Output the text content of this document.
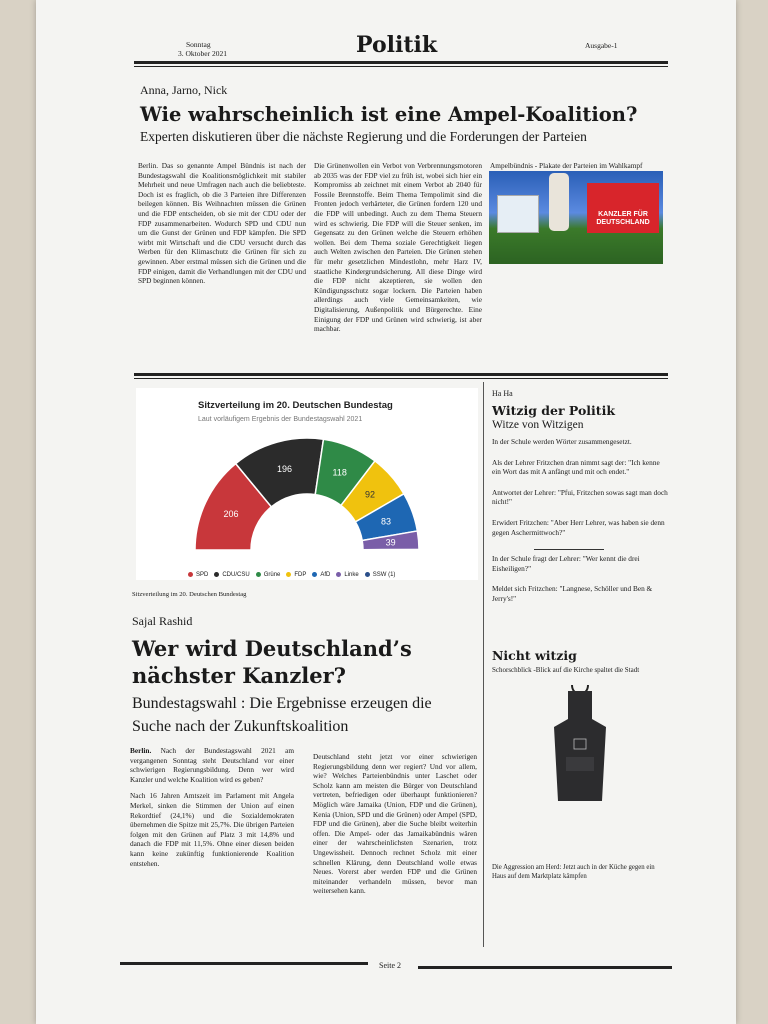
Sonntag
3. Oktober 2021	Politik	Ausgabe-1
Anna, Jarno, Nick
Wie wahrscheinlich ist eine Ampel-Koalition?
Experten diskutieren über die nächste Regierung und die Forderungen der Parteien
Berlin. Das so genannte Ampel Bündnis ist nach der Bundestagswahl die Koalitionsmöglichkeit mit stabiler Mehrheit und neue Umfragen nach auch die beliebteste. Doch ist es fraglich, ob die 3 Parteien ihre Differenzen beilegen können. Bis Weihnachten müssen die Grünen und die FDP entscheiden, ob sie mit der CDU oder der FDP zusammenarbeiten. Wodurch SPD und CDU nun um die Gunst der Grünen und FDP kämpfen. Die SPD wirbt mit Wirtschaft und die CDU versucht durch das Werben für den Klimaschutz die Grünen für sich zu gewinnen. Aber erstmal müssen sich die Grünen und die FDP einigen, damit die Verhandlungen mit der CDU und SPD beginnen können.
Die Grünenwollen ein Verbot von Verbrennungsmotoren ab 2035 was der FDP viel zu früh ist, wobei sich hier ein Kompromiss ab zeichnet mit einem Verbot ab 2040 für Fossile Brennstoffe. Beim Thema Tempolimit sind die Fronten jedoch verhärteter, die Grünen fordern 120 und die FDP will unbedingt. Auch zu dem Thema Steuern wird es schwierig. Die FDP will die Steuer senken, im Gegensatz zu den Grünen welche die Steuern erhöhen wollen. Bei dem Thema soziale Gerechtigkeit liegen auch Welten zwischen den Parteien. Die Grünen stehen für mehr gesetzlichen Mindestlohn, mehr Harz IV, staatliche Kindergrundsicherung. All diese Dinge wird die FDP nicht akzeptieren, sie wollen den Kündigungsschutz sogar lockern. Die Parteien haben allerdings auch viele Gemeinsamkeiten, wie Digitalisierung, Außenpolitik und Bürgerechte. Eine Einigung der FDP und Grünen wird schwierig, ist aber machbar.
Ampelbündnis - Plakate der Parteien im Wahlkampf
KANZLER FÜR DEUTSCHLAND
Sitzverteilung im 20. Deutschen Bundestag
Laut vorläufigem Ergebnis der Bundestagswahl 2021
206
196	118
92
83
39
SPD CDU/CSU Grüne FDP AfD Linke SSW (1)
Sitzverteilung im 20. Deutschen Bundestag
Sajal Rashid
Wer wird Deutschland’s nächster Kanzler?
Bundestagswahl : Die Ergebnisse erzeugen die Suche nach der Zukunftskoalition

Berlin. Nach der Bundestagswahl 2021 am vergangenen Sonntag steht Deutschland vor einer schwierigen Regierungsbildung. Denn wer wird Kanzler und welche Koalition wird es geben?

Nach 16 Jahren Amtszeit im Parlament mit Angela Merkel, sinken die Stimmen der Union auf einen Rekordtief (24,1%) und die Sozialdemokraten übernehmen die Spitze mit 25,7%. Die übrigen Parteien folgen mit den Grünen auf Platz 3 mit 14,8% und danach die FDP mit 11,5%. Ohne einer diesen beiden kann keine zukünftig funktionierende Koalition entstehen.

Deutschland steht jetzt vor einer schwierigen Regierungsbildung denn wer regiert? Und vor allem, wie? Welches Parteienbündnis unter Laschet oder Scholz kann am meisten die Bürger von Deutschland vertreten, befriedigen oder überhaupt funktionieren? Möglich wäre Jamaika (Union, FDP und die Grünen), Kenia (Union, SPD und die Grünen) oder Ampel (SPD, FDP und die Grünen), aber die Suche bleibt weiterhin offen. Die Ampel- oder das Jamaikabündnis wären einer der wahrscheinlichsten Szenarien, trotz Ungewissheit. Dennoch rechnet Scholz mit einer schnellen Klärung, denn Deutschland wolle etwas Neues. Vorerst aber werden FDP und die Grünen miteinander verhandeln müssen, bevor man weitersehen kann.
Ha Ha
Witzig der Politik
Witze von Witzigen

In der Schule werden Wörter zusammengesetzt.

Als der Lehrer Fritzchen dran nimmt sagt der: "Ich kenne ein Wort das mit A anfängt und mit och endet."

Antwortet der Lehrer: "Pfui, Fritzchen sowas sagt man doch nicht!"

Erwidert Fritzchen: "Aber Herr Lehrer, was haben sie denn gegen Aschermittwoch?"

In der Schule fragt der Lehrer: "Wer kennt die drei Eisheiligen?"

Meldet sich Fritzchen: "Langnese, Schöller und Ben & Jerry's!"

Nicht witzig
Schorschblick -Blick auf die Kirche spaltet die Stadt
Die Aggression am Herd: Jetzt auch in der Küche gegen ein Haus auf dem Marktplatz kämpfen
Seite 2
